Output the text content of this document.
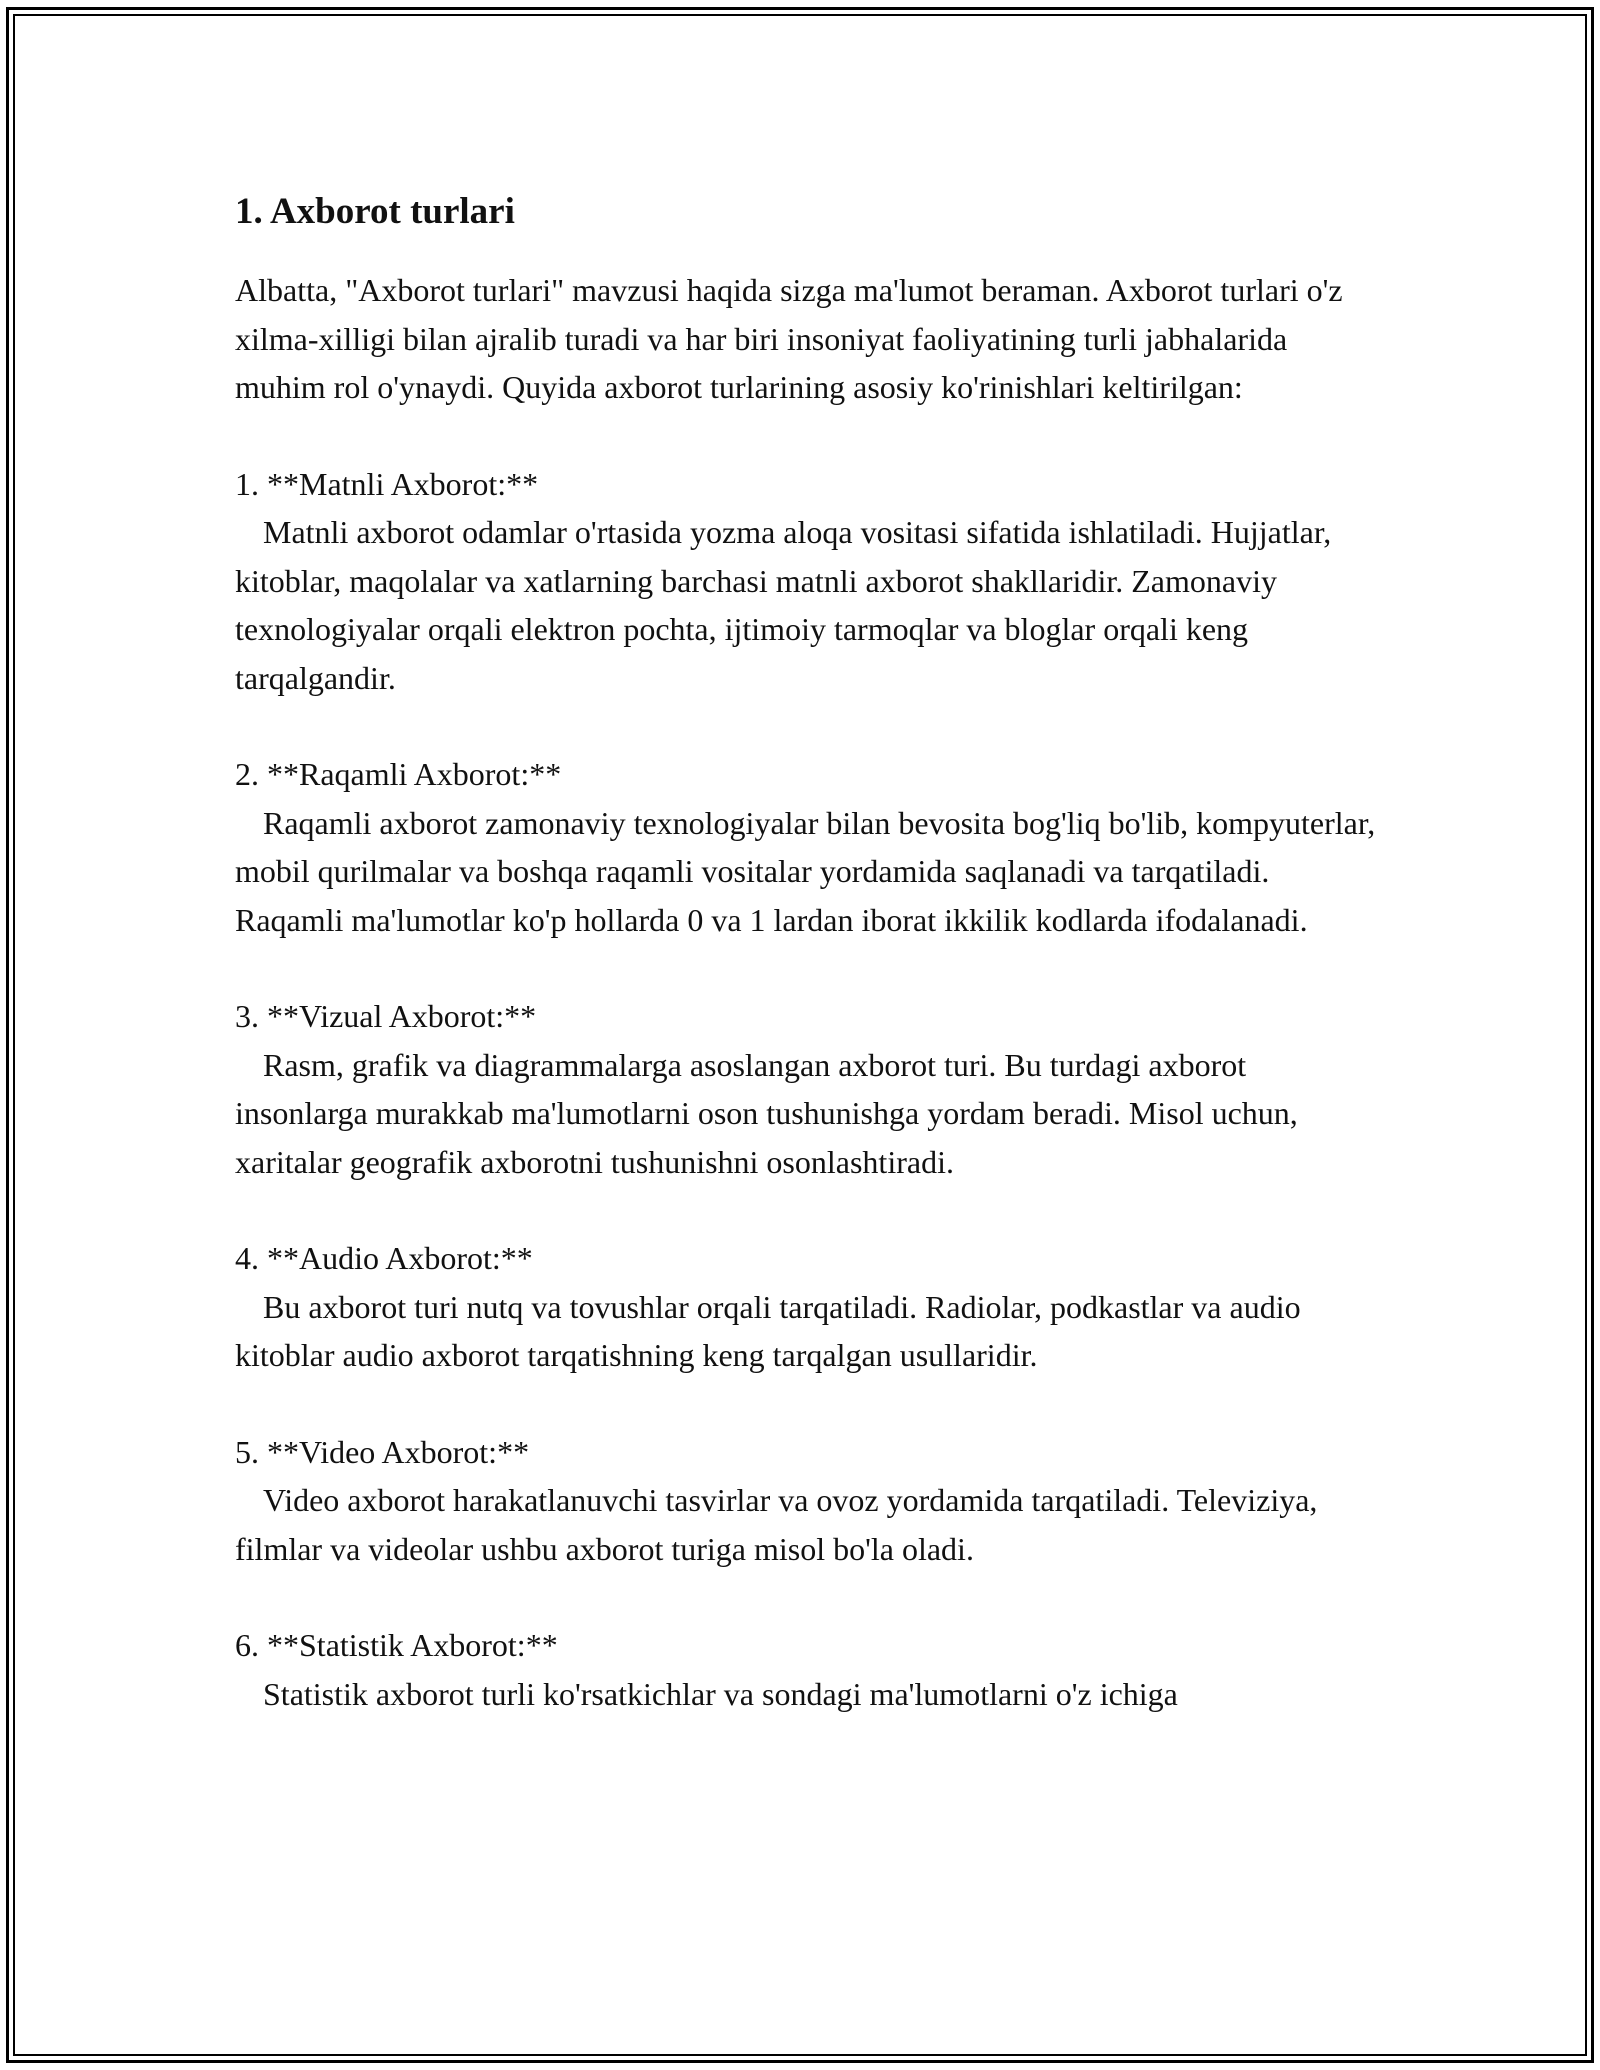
1. Axborot turlari

Albatta, "Axborot turlari" mavzusi haqida sizga ma'lumot beraman. Axborot turlari o'z xilma-xilligi bilan ajralib turadi va har biri insoniyat faoliyatining turli jabhalarida muhim rol o'ynaydi. Quyida axborot turlarining asosiy ko'rinishlari keltirilgan:

1. **Matnli Axborot:**

Matnli axborot odamlar o'rtasida yozma aloqa vositasi sifatida ishlatiladi. Hujjatlar, kitoblar, maqolalar va xatlarning barchasi matnli axborot shakllaridir. Zamonaviy texnologiyalar orqali elektron pochta, ijtimoiy tarmoqlar va bloglar orqali keng tarqalgandir.

2. **Raqamli Axborot:**

Raqamli axborot zamonaviy texnologiyalar bilan bevosita bog'liq bo'lib, kompyuterlar, mobil qurilmalar va boshqa raqamli vositalar yordamida saqlanadi va tarqatiladi. Raqamli ma'lumotlar ko'p hollarda 0 va 1 lardan iborat ikkilik kodlarda ifodalanadi.

3. **Vizual Axborot:**

Rasm, grafik va diagrammalarga asoslangan axborot turi. Bu turdagi axborot insonlarga murakkab ma'lumotlarni oson tushunishga yordam beradi. Misol uchun, xaritalar geografik axborotni tushunishni osonlashtiradi.

4. **Audio Axborot:**

Bu axborot turi nutq va tovushlar orqali tarqatiladi. Radiolar, podkastlar va audio kitoblar audio axborot tarqatishning keng tarqalgan usullaridir.

5. **Video Axborot:**

Video axborot harakatlanuvchi tasvirlar va ovoz yordamida tarqatiladi. Televiziya, filmlar va videolar ushbu axborot turiga misol bo'la oladi.

6. **Statistik Axborot:**

Statistik axborot turli ko'rsatkichlar va sondagi ma'lumotlarni o'z ichiga
